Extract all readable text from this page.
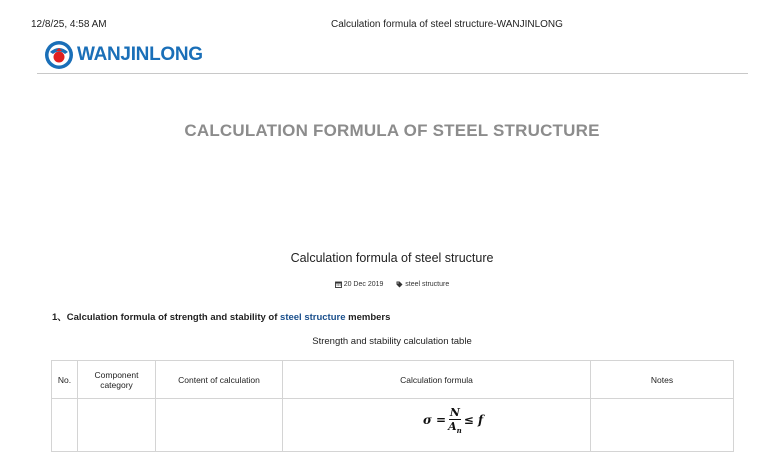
12/8/25, 4:58 AM	Calculation formula of steel structure-WANJINLONG
WANJINLONG
CALCULATION FORMULA OF STEEL STRUCTURE
Calculation formula of steel structure
20 Dec 2019	steel structure
1、Calculation formula of strength and stability of steel structure members
Strength and stability calculation table
No.	Component category	Content of calculation	Calculation formula	Notes

			$\sigma = \frac{N}{A_n} \le f$	
